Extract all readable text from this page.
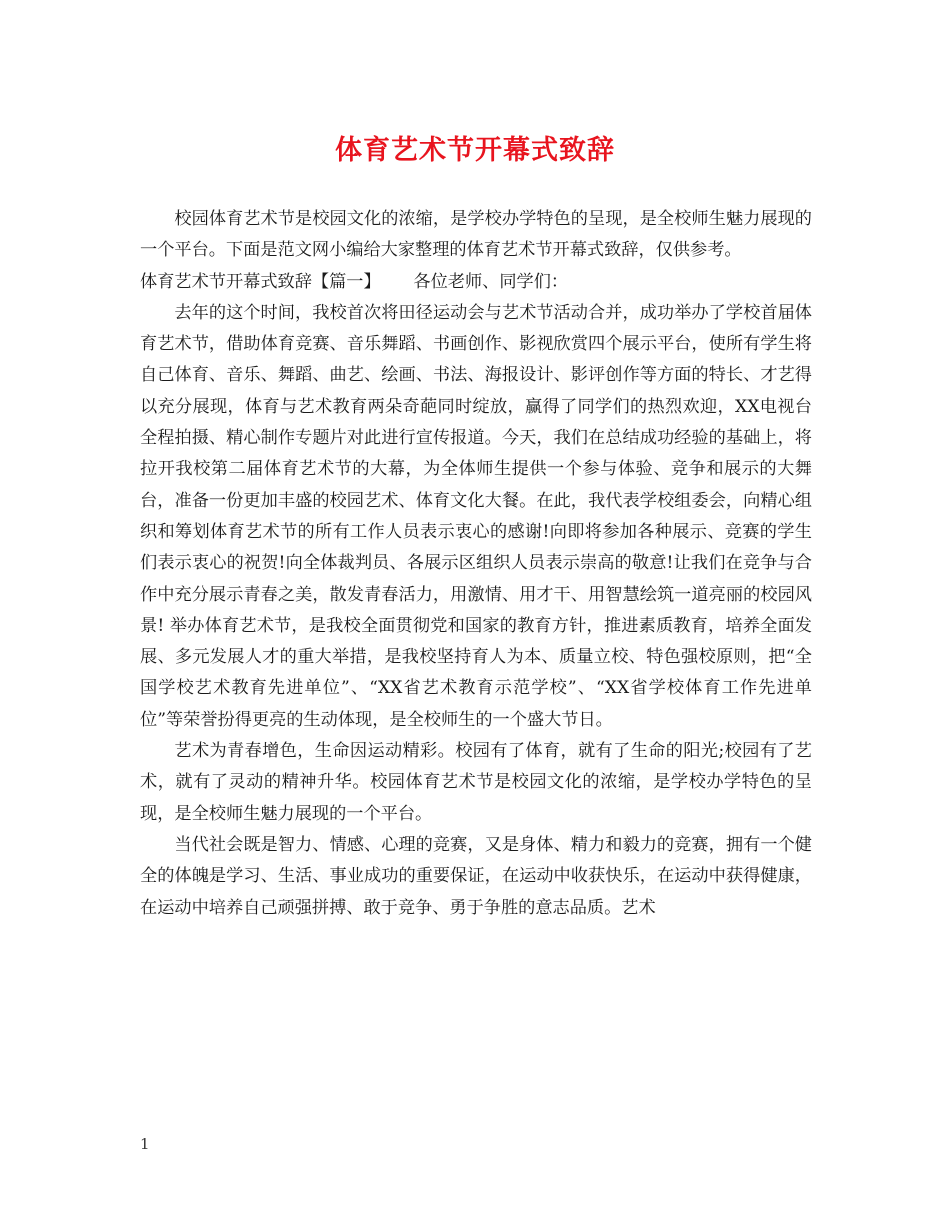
体育艺术节开幕式致辞

校园体育艺术节是校园文化的浓缩，是学校办学特色的呈现，是全校师生魅力展现的一个平台。下面是范文网小编给大家整理的体育艺术节开幕式致辞，仅供参考。

体育艺术节开幕式致辞【篇一】      各位老师、同学们：

去年的这个时间，我校首次将田径运动会与艺术节活动合并，成功举办了学校首届体育艺术节，借助体育竞赛、音乐舞蹈、书画创作、影视欣赏四个展示平台，使所有学生将自己体育、音乐、舞蹈、曲艺、绘画、书法、海报设计、影评创作等方面的特长、才艺得以充分展现，体育与艺术教育两朵奇葩同时绽放，赢得了同学们的热烈欢迎，XX电视台全程拍摄、精心制作专题片对此进行宣传报道。今天，我们在总结成功经验的基础上，将拉开我校第二届体育艺术节的大幕，为全体师生提供一个参与体验、竞争和展示的大舞台，准备一份更加丰盛的校园艺术、体育文化大餐。在此，我代表学校组委会，向精心组织和筹划体育艺术节的所有工作人员表示衷心的感谢!向即将参加各种展示、竞赛的学生们表示衷心的祝贺!向全体裁判员、各展示区组织人员表示崇高的敬意!让我们在竞争与合作中充分展示青春之美，散发青春活力，用激情、用才干、用智慧绘筑一道亮丽的校园风景! 举办体育艺术节，是我校全面贯彻党和国家的教育方针，推进素质教育，培养全面发展、多元发展人才的重大举措，是我校坚持育人为本、质量立校、特色强校原则，把“全国学校艺术教育先进单位”、“XX省艺术教育示范学校”、“XX省学校体育工作先进单位”等荣誉扮得更亮的生动体现，是全校师生的一个盛大节日。

艺术为青春增色，生命因运动精彩。校园有了体育，就有了生命的阳光;校园有了艺术，就有了灵动的精神升华。校园体育艺术节是校园文化的浓缩，是学校办学特色的呈现，是全校师生魅力展现的一个平台。

当代社会既是智力、情感、心理的竞赛，又是身体、精力和毅力的竞赛，拥有一个健全的体魄是学习、生活、事业成功的重要保证，在运动中收获快乐，在运动中获得健康，在运动中培养自己顽强拼搏、敢于竞争、勇于争胜的意志品质。艺术

1
